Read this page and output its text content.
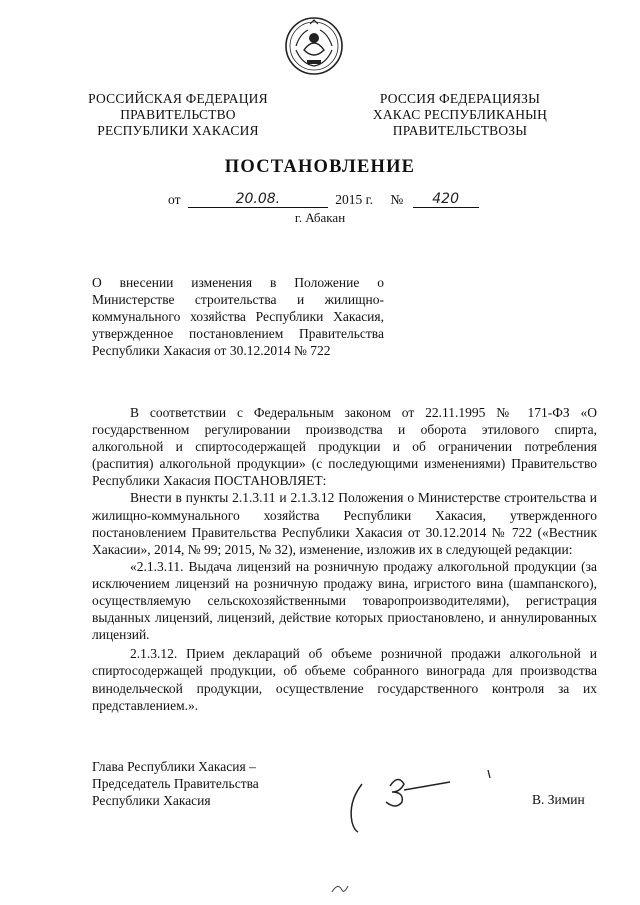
РОССИЙСКАЯ ФЕДЕРАЦИЯ
ПРАВИТЕЛЬСТВО
РЕСПУБЛИКИ ХАКАСИЯ
РОССИЯ ФЕДЕРАЦИЯЗЫ
ХАКАС РЕСПУБЛИКАНЫҢ
ПРАВИТЕЛЬСТВОЗЫ
ПОСТАНОВЛЕНИЕ
от	20.08.	2015 г. №	420
г. Абакан
О внесении изменения в Положение о Министерстве строительства и жилищно-коммунального хозяйства Республики Хакасия, утвержденное постановлением Правительства Республики Хакасия от 30.12.2014 № 722

В соответствии с Федеральным законом от 22.11.1995 № 171-ФЗ «О государственном регулировании производства и оборота этилового спирта, алкогольной и спиртосодержащей продукции и об ограничении потребления (распития) алкогольной продукции» (с последующими изменениями) Правительство Республики Хакасия ПОСТАНОВЛЯЕТ:

Внести в пункты 2.1.3.11 и 2.1.3.12 Положения о Министерстве строительства и жилищно-коммунального хозяйства Республики Хакасия, утвержденного постановлением Правительства Республики Хакасия от 30.12.2014 № 722 («Вестник Хакасии», 2014, № 99; 2015, № 32), изменение, изложив их в следующей редакции:

«2.1.3.11. Выдача лицензий на розничную продажу алкогольной продукции (за исключением лицензий на розничную продажу вина, игристого вина (шампанского), осуществляемую сельскохозяйственными товаропроизводителями), регистрация выданных лицензий, лицензий, действие которых приостановлено, и аннулированных лицензий.

2.1.3.12. Прием деклараций об объеме розничной продажи алкогольной и спиртосодержащей продукции, об объеме собранного винограда для производства винодельческой продукции, осуществление государственного контроля за их представлением.».

Глава Республики Хакасия –
Председатель Правительства
Республики Хакасия	В. Зимин
